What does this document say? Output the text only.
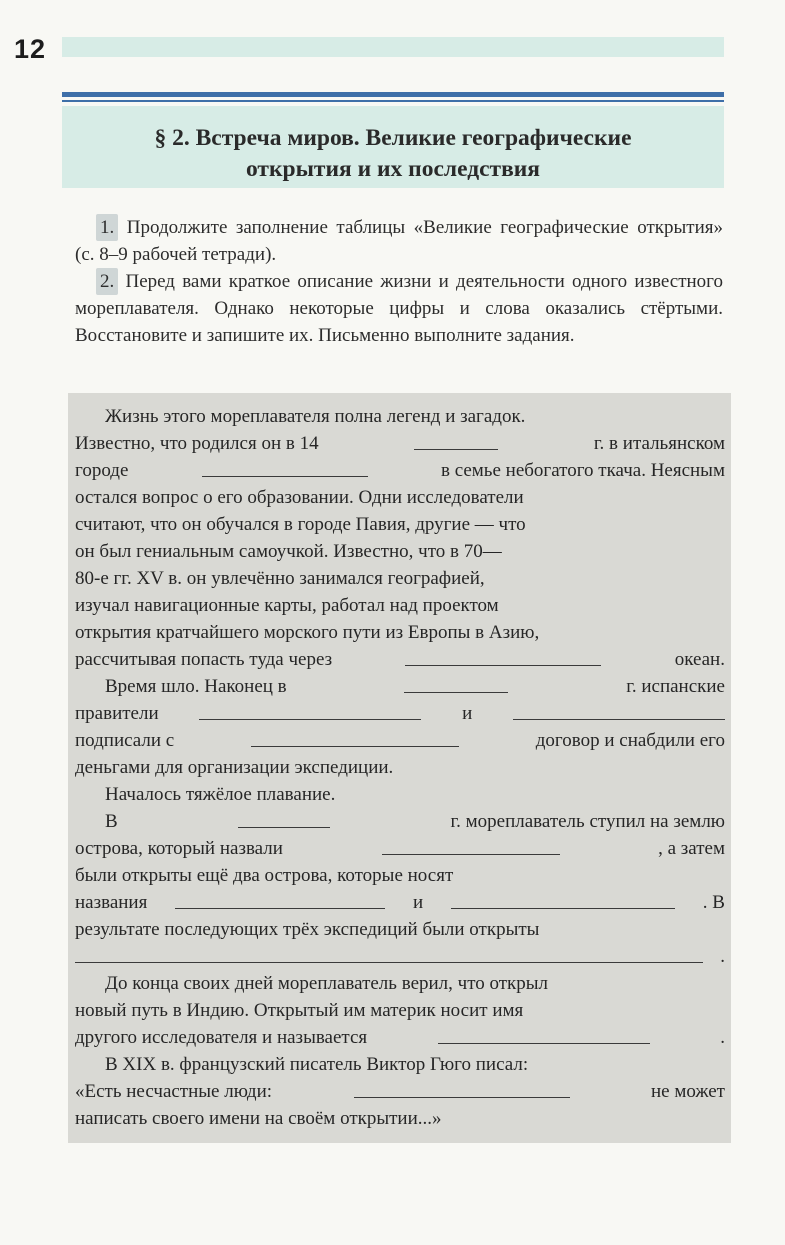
12
§ 2. Встреча миров. Великие географические
открытия и их последствия
1. Продолжите заполнение таблицы «Великие географические открытия» (с. 8–9 рабочей тетради).
2. Перед вами краткое описание жизни и деятельности одного известного мореплавателя. Однако некоторые цифры и слова оказались стёртыми. Восстановите и запишите их. Письменно выполните задания.
Жизнь этого мореплавателя полна легенд и загадок.
Известно, что родился он в 14	г. в итальянском
городе	в семье небогатого ткача. Неясным
остался вопрос о его образовании. Одни исследователи
считают, что он обучался в городе Павия, другие — что
он был гениальным самоучкой. Известно, что в 70—
80-е гг. XV в. он увлечённо занимался географией,
изучал навигационные карты, работал над проектом
открытия кратчайшего морского пути из Европы в Азию,
рассчитывая попасть туда через	океан.
Время шло. Наконец в	г. испанские
правители	и
подписали с	договор и снабдили его
деньгами для организации экспедиции.
Началось тяжёлое плавание.
В	г. мореплаватель ступил на землю
острова, который назвали	, а затем
были открыты ещё два острова, которые носят
названия	и	. В
результате последующих трёх экспедиций были открыты
.
До конца своих дней мореплаватель верил, что открыл
новый путь в Индию. Открытый им материк носит имя
другого исследователя и называется	.
В XIX в. французский писатель Виктор Гюго писал:
«Есть несчастные люди:	не может
написать своего имени на своём открытии...»
